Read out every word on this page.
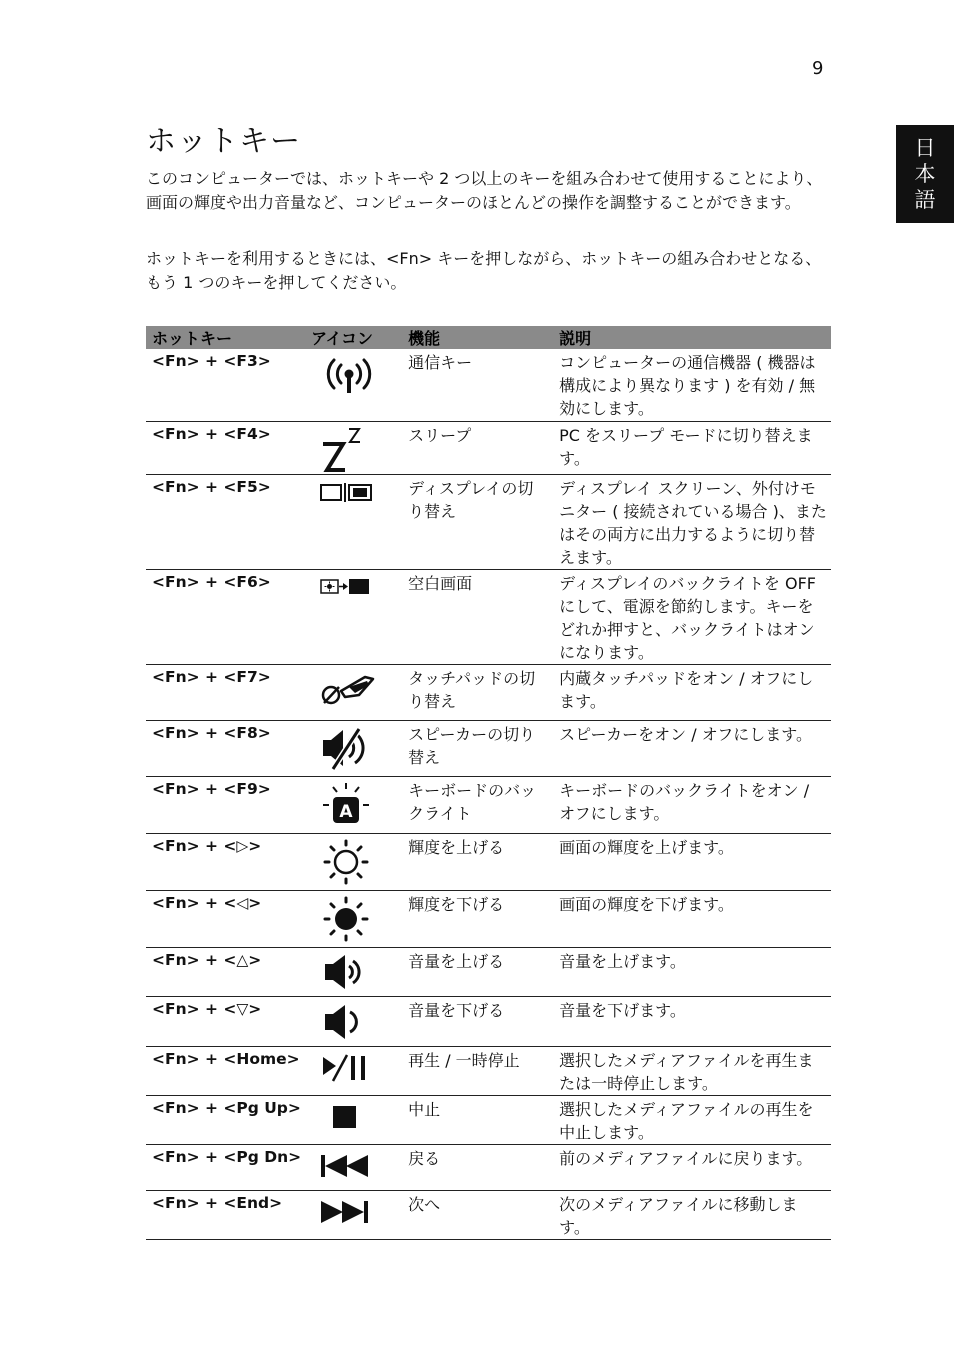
9
日
本
語
ホットキー

このコンピューターでは、ホットキーや 2 つ以上のキーを組み合わせて使用することにより、画面の輝度や出力音量など、コンピューターのほとんどの操作を調整することができます。

ホットキーを利用するときには、<Fn> キーを押しながら、ホットキーの組み合わせとなる、もう 1 つのキーを押してください。

ホットキー	アイコン	機能	説明
<Fn> + <F3>		通信キー	コンピューターの通信機器 ( 機器は構成により異なります ) を有効 / 無効にします。
<Fn> + <F4>		スリープ	PC をスリープ モードに切り替えます。
<Fn> + <F5>		ディスプレイの切り替え	ディスプレイ スクリーン、外付けモニター ( 接続されている場合 )、またはその両方に出力するように切り替えます。
<Fn> + <F6>		空白画面	ディスプレイのバックライトを OFF にして、電源を節約します。キーをどれか押すと、バックライトはオンになります。
<Fn> + <F7>		タッチパッドの切り替え	内蔵タッチパッドをオン / オフにします。
<Fn> + <F8>		スピーカーの切り替え	スピーカーをオン / オフにします。
<Fn> + <F9>	A	キーボードのバックライト	キーボードのバックライトをオン / オフにします。
<Fn> + <▷>		輝度を上げる	画面の輝度を上げます。
<Fn> + <◁>		輝度を下げる	画面の輝度を下げます。
<Fn> + <△>		音量を上げる	音量を上げます。
<Fn> + <▽>		音量を下げる	音量を下げます。
<Fn> + <Home>		再生 / 一時停止	選択したメディアファイルを再生または一時停止します。
<Fn> + <Pg Up>		中止	選択したメディアファイルの再生を中止します。
<Fn> + <Pg Dn>		戻る	前のメディアファイルに戻ります。
<Fn> + <End>		次へ	次のメディアファイルに移動します。
